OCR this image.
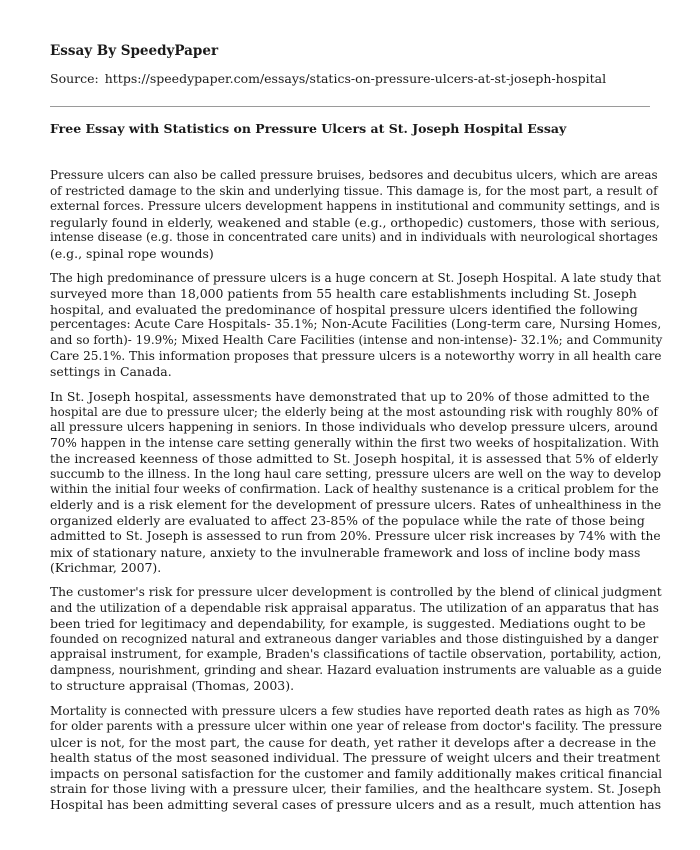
Essay By SpeedyPaper
Source: https://speedypaper.com/essays/statics-on-pressure-ulcers-at-st-joseph-hospital
Free Essay with Statistics on Pressure Ulcers at St. Joseph Hospital Essay
Pressure ulcers can also be called pressure bruises, bedsores and decubitus ulcers, which are areas
of restricted damage to the skin and underlying tissue. This damage is, for the most part, a result of
external forces. Pressure ulcers development happens in institutional and community settings, and is
regularly found in elderly, weakened and stable (e.g., orthopedic) customers, those with serious,
intense disease (e.g. those in concentrated care units) and in individuals with neurological shortages
(e.g., spinal rope wounds)
The high predominance of pressure ulcers is a huge concern at St. Joseph Hospital. A late study that
surveyed more than 18,000 patients from 55 health care establishments including St. Joseph
hospital, and evaluated the predominance of hospital pressure ulcers identified the following
percentages: Acute Care Hospitals- 35.1%; Non-Acute Facilities (Long-term care, Nursing Homes,
and so forth)- 19.9%; Mixed Health Care Facilities (intense and non-intense)- 32.1%; and Community
Care 25.1%. This information proposes that pressure ulcers is a noteworthy worry in all health care
settings in Canada.
In St. Joseph hospital, assessments have demonstrated that up to 20% of those admitted to the
hospital are due to pressure ulcer; the elderly being at the most astounding risk with roughly 80% of
all pressure ulcers happening in seniors. In those individuals who develop pressure ulcers, around
70% happen in the intense care setting generally within the first two weeks of hospitalization. With
the increased keenness of those admitted to St. Joseph hospital, it is assessed that 5% of elderly
succumb to the illness. In the long haul care setting, pressure ulcers are well on the way to develop
within the initial four weeks of confirmation. Lack of healthy sustenance is a critical problem for the
elderly and is a risk element for the development of pressure ulcers. Rates of unhealthiness in the
organized elderly are evaluated to affect 23-85% of the populace while the rate of those being
admitted to St. Joseph is assessed to run from 20%. Pressure ulcer risk increases by 74% with the
mix of stationary nature, anxiety to the invulnerable framework and loss of incline body mass
(Krichmar, 2007).
The customer's risk for pressure ulcer development is controlled by the blend of clinical judgment
and the utilization of a dependable risk appraisal apparatus. The utilization of an apparatus that has
been tried for legitimacy and dependability, for example, is suggested. Mediations ought to be
founded on recognized natural and extraneous danger variables and those distinguished by a danger
appraisal instrument, for example, Braden's classifications of tactile observation, portability, action,
dampness, nourishment, grinding and shear. Hazard evaluation instruments are valuable as a guide
to structure appraisal (Thomas, 2003).
Mortality is connected with pressure ulcers a few studies have reported death rates as high as 70%
for older parents with a pressure ulcer within one year of release from doctor's facility. The pressure
ulcer is not, for the most part, the cause for death, yet rather it develops after a decrease in the
health status of the most seasoned individual. The pressure of weight ulcers and their treatment
impacts on personal satisfaction for the customer and family additionally makes critical financial
strain for those living with a pressure ulcer, their families, and the healthcare system. St. Joseph
Hospital has been admitting several cases of pressure ulcers and as a result, much attention has
